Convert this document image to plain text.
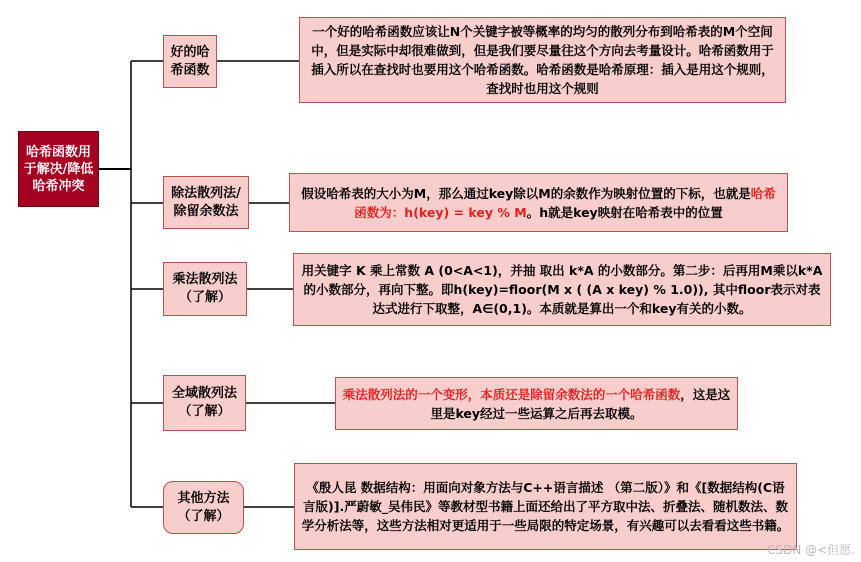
哈希函数用于解决/降低哈希冲突
好的哈希函数
除法散列法/除留余数法
乘法散列法（了解）
全域散列法（了解）
其他方法（了解）
一个好的哈希函数应该让N个关键字被等概率的均匀的散列分布到哈希表的M个空间中，但是实际中却很难做到，但是我们要尽量往这个方向去考量设计。哈希函数用于插入所以在查找时也要用这个哈希函数。哈希函数是哈希原理：插入是用这个规则，查找时也用这个规则
假设哈希表的大小为M，那么通过key除以M的余数作为映射位置的下标，也就是哈希函数为：h(key) = key % M。h就是key映射在哈希表中的位置
用关键字 K 乘上常数 A (0<A<1)，并抽 取出 k*A 的小数部分。第二步：后再用M乘以k*A 的小数部分，再向下整。即h(key)=floor(M x ( (A x key) % 1.0)), 其中floor表示对表达式进行下取整，A∈(0,1)。本质就是算出一个和key有关的小数。
乘法散列法的一个变形，本质还是除留余数法的一个哈希函数，这是这里是key经过一些运算之后再去取模。
《殷人昆 数据结构：用面向对象方法与C++语言描述 （第二版）》和《[数据结构(C语言版)].严蔚敏_吴伟民》等教材型书籍上面还给出了平方取中法、折叠法、随机数法、数学分析法等，这些方法相对更适用于一些局限的特定场景，有兴趣可以去看看这些书籍。
CSDN @<但愿.
